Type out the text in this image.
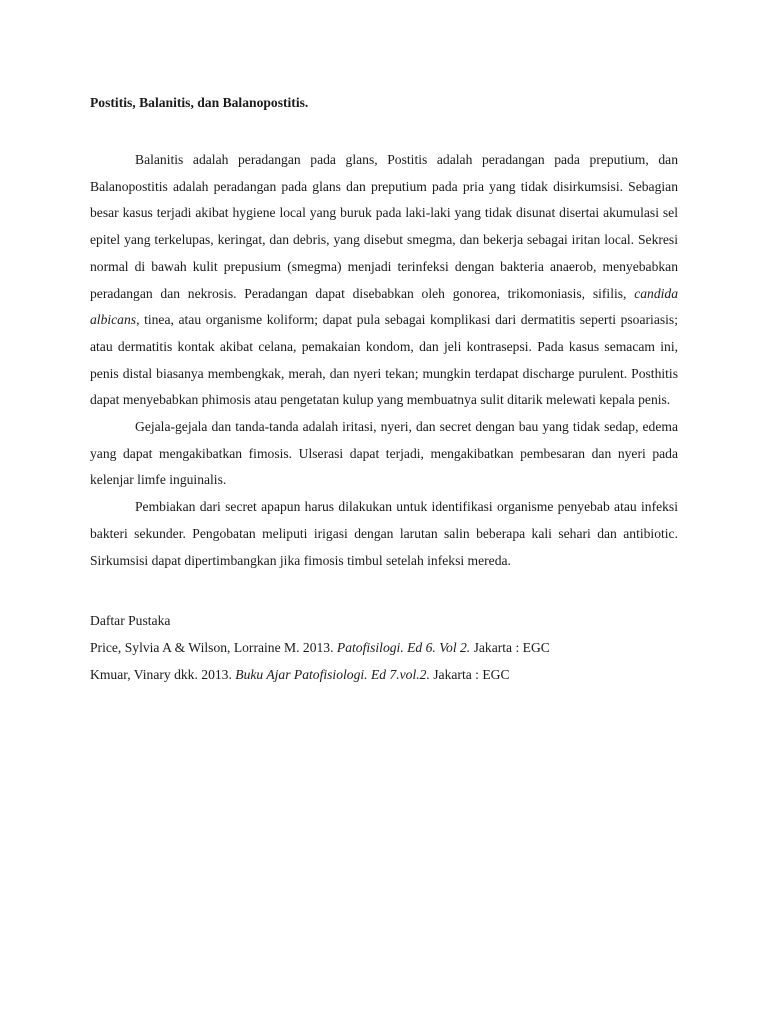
Postitis, Balanitis, dan Balanopostitis.

Balanitis adalah peradangan pada glans, Postitis adalah peradangan pada preputium, dan Balanopostitis adalah peradangan pada glans dan preputium pada pria yang tidak disirkumsisi. Sebagian besar kasus terjadi akibat hygiene local yang buruk pada laki-laki yang tidak disunat disertai akumulasi sel epitel yang terkelupas, keringat, dan debris, yang disebut smegma, dan bekerja sebagai iritan local. Sekresi normal di bawah kulit prepusium (smegma) menjadi terinfeksi dengan bakteria anaerob, menyebabkan peradangan dan nekrosis. Peradangan dapat disebabkan oleh gonorea, trikomoniasis, sifilis, candida albicans, tinea, atau organisme koliform; dapat pula sebagai komplikasi dari dermatitis seperti psoariasis; atau dermatitis kontak akibat celana, pemakaian kondom, dan jeli kontrasepsi. Pada kasus semacam ini, penis distal biasanya membengkak, merah, dan nyeri tekan; mungkin terdapat discharge purulent. Posthitis dapat menyebabkan phimosis atau pengetatan kulup yang membuatnya sulit ditarik melewati kepala penis.

Gejala-gejala dan tanda-tanda adalah iritasi, nyeri, dan secret dengan bau yang tidak sedap, edema yang dapat mengakibatkan fimosis. Ulserasi dapat terjadi, mengakibatkan pembesaran dan nyeri pada kelenjar limfe inguinalis.

Pembiakan dari secret apapun harus dilakukan untuk identifikasi organisme penyebab atau infeksi bakteri sekunder. Pengobatan meliputi irigasi dengan larutan salin beberapa kali sehari dan antibiotic. Sirkumsisi dapat dipertimbangkan jika fimosis timbul setelah infeksi mereda.

Daftar Pustaka

Price, Sylvia A & Wilson, Lorraine M. 2013. Patofisilogi. Ed 6. Vol 2. Jakarta : EGC

Kmuar, Vinary dkk. 2013. Buku Ajar Patofisiologi. Ed 7.vol.2. Jakarta : EGC
